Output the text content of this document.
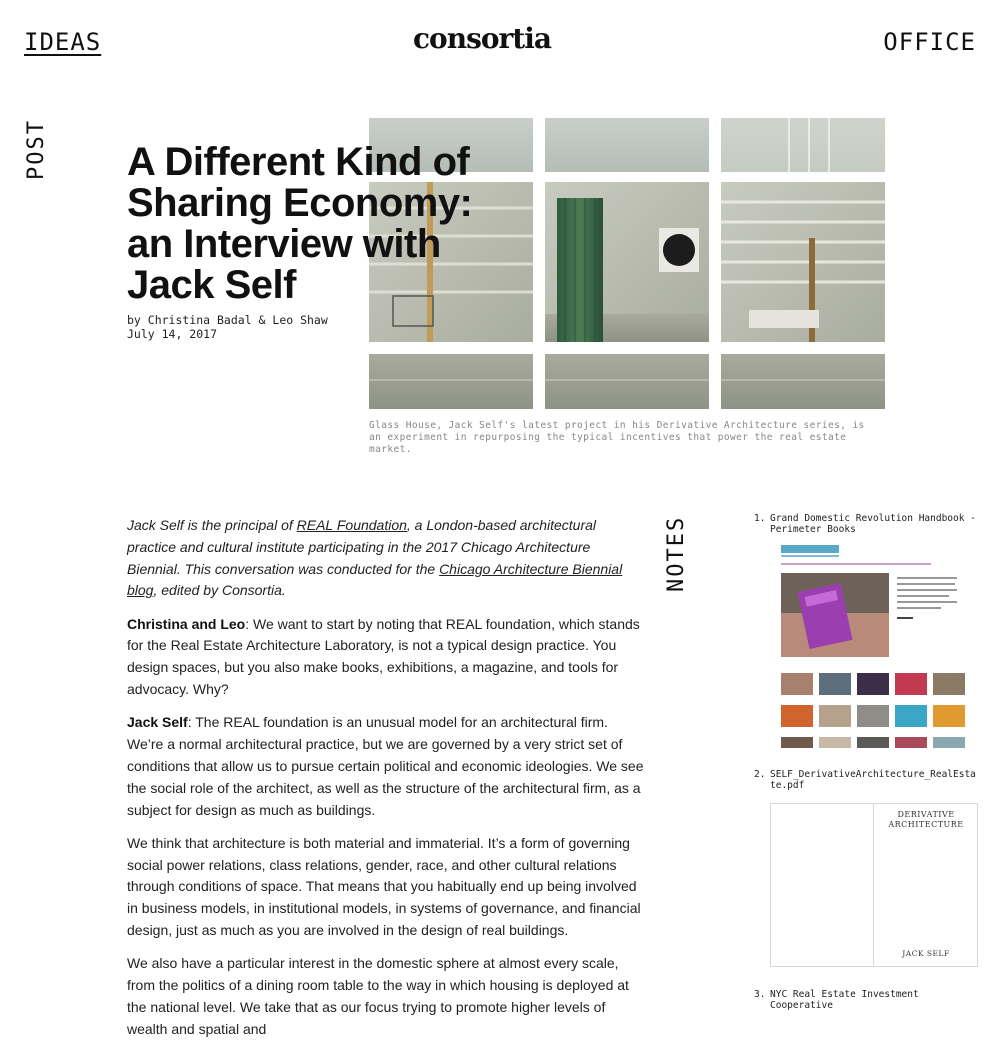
IDEAS	consortia	OFFICE
POST A Different Kind of Sharing Economy: an Interview with Jack Self
by Christina Badal & Leo Shaw
July 14, 2017
Glass House, Jack Self's latest project in his Derivative Architecture series, is an experiment in repurposing the typical incentives that power the real estate market.

Jack Self is the principal of REAL Foundation, a London-based architectural practice and cultural institute participating in the 2017 Chicago Architecture Biennial. This conversation was conducted for the Chicago Architecture Biennial blog, edited by Consortia.

Christina and Leo: We want to start by noting that REAL foundation, which stands for the Real Estate Architecture Laboratory, is not a typical design practice. You design spaces, but you also make books, exhibitions, a magazine, and tools for advocacy. Why?

Jack Self: The REAL foundation is an unusual model for an architectural firm. We’re a normal architectural practice, but we are governed by a very strict set of conditions that allow us to pursue certain political and economic ideologies. We see the social role of the architect, as well as the structure of the architectural firm, as a subject for design as much as buildings.

We think that architecture is both material and immaterial. It’s a form of governing social power relations, class relations, gender, race, and other cultural relations through conditions of space. That means that you habitually end up being involved in business models, in institutional models, in systems of governance, and financial design, just as much as you are involved in the design of real buildings.

We also have a particular interest in the domestic sphere at almost every scale, from the politics of a dining room table to the way in which housing is deployed at the national level. We take that as our focus trying to promote higher levels of wealth and spatial and

NOTES	1. Grand Domestic Revolution Handbook - Perimeter Books
2. SELF_DerivativeArchitecture_RealEstate.pdf
DERIVATIVE ARCHITECTURE
JACK SELF
3. NYC Real Estate Investment Cooperative
